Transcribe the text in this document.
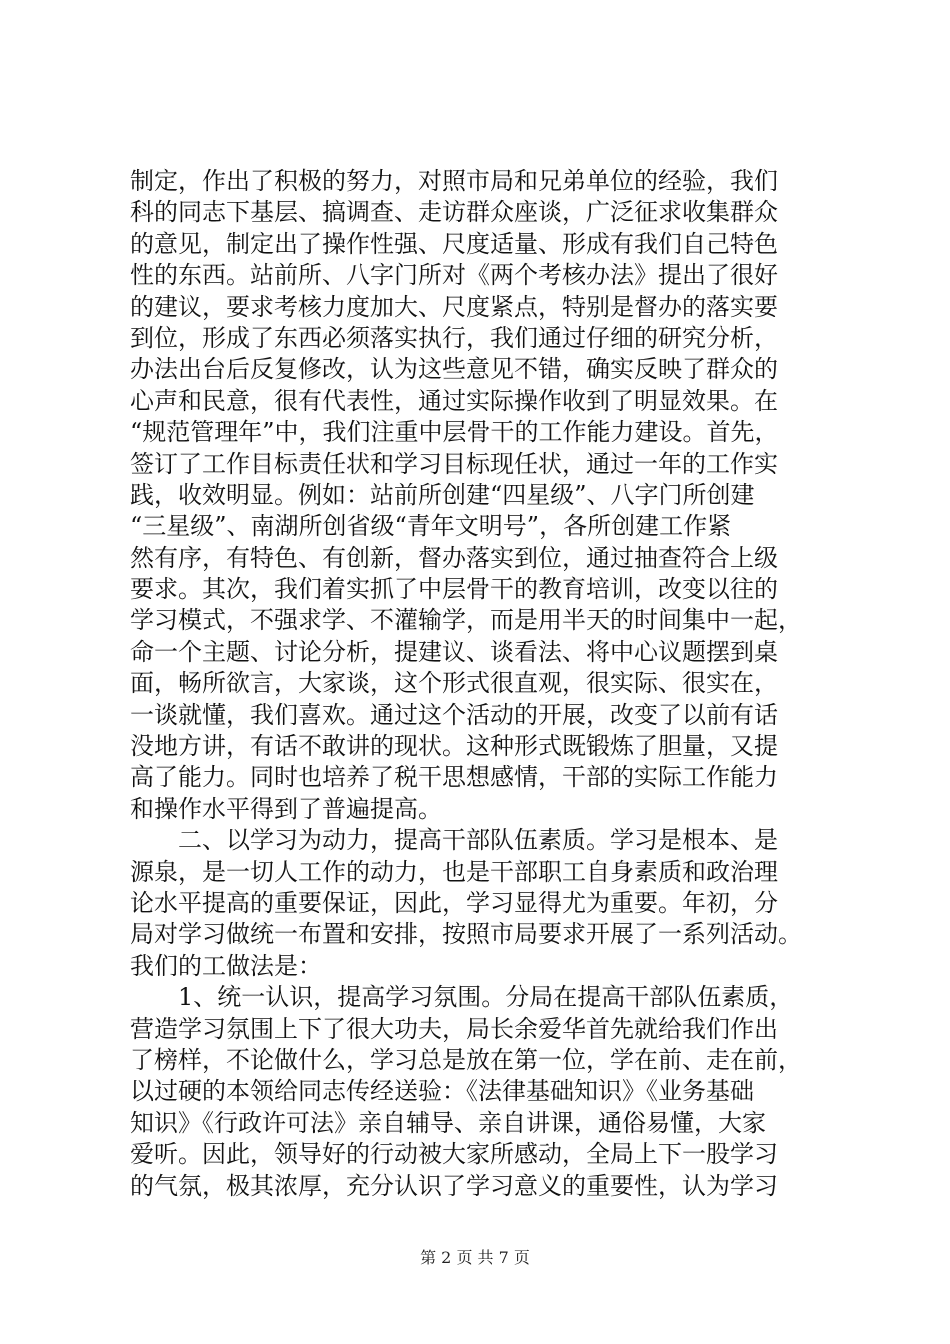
制定，作出了积极的努力，对照市局和兄弟单位的经验，我们
科的同志下基层、搞调查、走访群众座谈，广泛征求收集群众
的意见，制定出了操作性强、尺度适量、形成有我们自己特色
性的东西。站前所、八字门所对《两个考核办法》提出了很好
的建议，要求考核力度加大、尺度紧点，特别是督办的落实要
到位，形成了东西必须落实执行，我们通过仔细的研究分析，
办法出台后反复修改，认为这些意见不错，确实反映了群众的
心声和民意，很有代表性，通过实际操作收到了明显效果。在
“规范管理年”中，我们注重中层骨干的工作能力建设。首先，
签订了工作目标责任状和学习目标现任状，通过一年的工作实
践，收效明显。例如：站前所创建“四星级”、八字门所创建
“三星级”、南湖所创省级“青年文明号”，各所创建工作紧
然有序，有特色、有创新，督办落实到位，通过抽查符合上级
要求。其次，我们着实抓了中层骨干的教育培训，改变以往的
学习模式，不强求学、不灌输学，而是用半天的时间集中一起，
命一个主题、讨论分析，提建议、谈看法、将中心议题摆到桌
面，畅所欲言，大家谈，这个形式很直观，很实际、很实在，
一谈就懂，我们喜欢。通过这个活动的开展，改变了以前有话
没地方讲，有话不敢讲的现状。这种形式既锻炼了胆量，又提
高了能力。同时也培养了税干思想感情，干部的实际工作能力
和操作水平得到了普遍提高。
　　二、以学习为动力，提高干部队伍素质。学习是根本、是
源泉，是一切人工作的动力，也是干部职工自身素质和政治理
论水平提高的重要保证，因此，学习显得尤为重要。年初，分
局对学习做统一布置和安排，按照市局要求开展了一系列活动。
我们的工做法是：
　　1、统一认识，提高学习氛围。分局在提高干部队伍素质，
营造学习氛围上下了很大功夫，局长余爱华首先就给我们作出
了榜样，不论做什么，学习总是放在第一位，学在前、走在前，
以过硬的本领给同志传经送验：《法律基础知识》《业务基础
知识》《行政许可法》亲自辅导、亲自讲课，通俗易懂，大家
爱听。因此，领导好的行动被大家所感动，全局上下一股学习
的气氛，极其浓厚，充分认识了学习意义的重要性，认为学习
第 2 页 共 7 页
